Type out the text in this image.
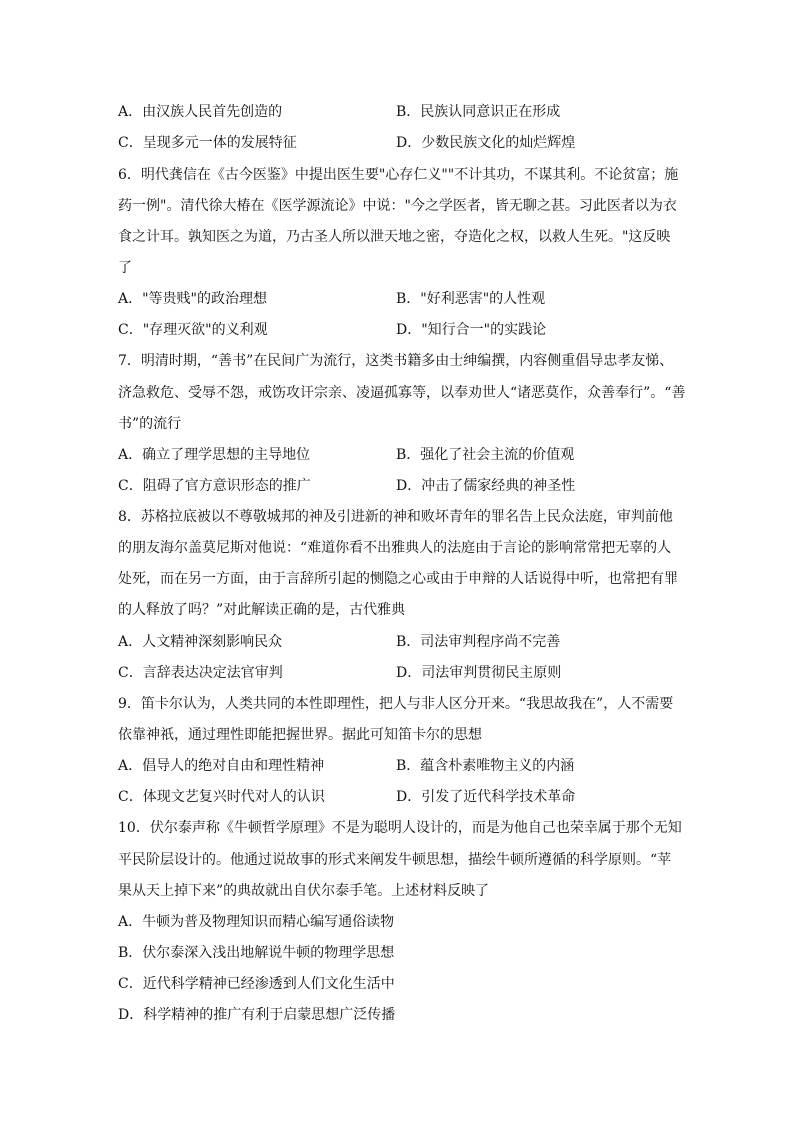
A．由汉族人民首先创造的	B．民族认同意识正在形成
C．呈现多元一体的发展特征	D．少数民族文化的灿烂辉煌
6．明代龚信在《古今医鉴》中提出医生要"心存仁义""不计其功，不谋其利。不论贫富；施
药一例"。清代徐大椿在《医学源流论》中说："今之学医者，皆无聊之甚。习此医者以为衣
食之计耳。孰知医之为道，乃古圣人所以泄天地之密，夺造化之权，以救人生死。"这反映
了
A．"等贵贱"的政治理想	B．"好利恶害"的人性观
C．"存理灭欲"的义利观	D．"知行合一"的实践论
7．明清时期，“善书”在民间广为流行，这类书籍多由士绅编撰，内容侧重倡导忠孝友悌、
济急救危、受辱不怨，戒饬攻讦宗亲、凌逼孤寡等，以奉劝世人“诸恶莫作，众善奉行”。“善
书”的流行
A．确立了理学思想的主导地位	B．强化了社会主流的价值观
C．阻碍了官方意识形态的推广	D．冲击了儒家经典的神圣性
8．苏格拉底被以不尊敬城邦的神及引进新的神和败坏青年的罪名告上民众法庭，审判前他
的朋友海尔盖莫尼斯对他说：“难道你看不出雅典人的法庭由于言论的影响常常把无辜的人
处死，而在另一方面，由于言辞所引起的恻隐之心或由于申辩的人话说得中听，也常把有罪
的人释放了吗？”对此解读正确的是，古代雅典
A．人文精神深刻影响民众	B．司法审判程序尚不完善
C．言辞表达决定法官审判	D．司法审判贯彻民主原则
9．笛卡尔认为，人类共同的本性即理性，把人与非人区分开来。“我思故我在”，人不需要
依靠神祇，通过理性即能把握世界。据此可知笛卡尔的思想
A．倡导人的绝对自由和理性精神	B．蕴含朴素唯物主义的内涵
C．体现文艺复兴时代对人的认识	D．引发了近代科学技术革命
10．伏尔泰声称《牛顿哲学原理》不是为聪明人设计的，而是为他自己也荣幸属于那个无知
平民阶层设计的。他通过说故事的形式来阐发牛顿思想，描绘牛顿所遵循的科学原则。“苹
果从天上掉下来”的典故就出自伏尔泰手笔。上述材料反映了
A．牛顿为普及物理知识而精心编写通俗读物
B．伏尔泰深入浅出地解说牛顿的物理学思想
C．近代科学精神已经渗透到人们文化生活中
D．科学精神的推广有利于启蒙思想广泛传播
